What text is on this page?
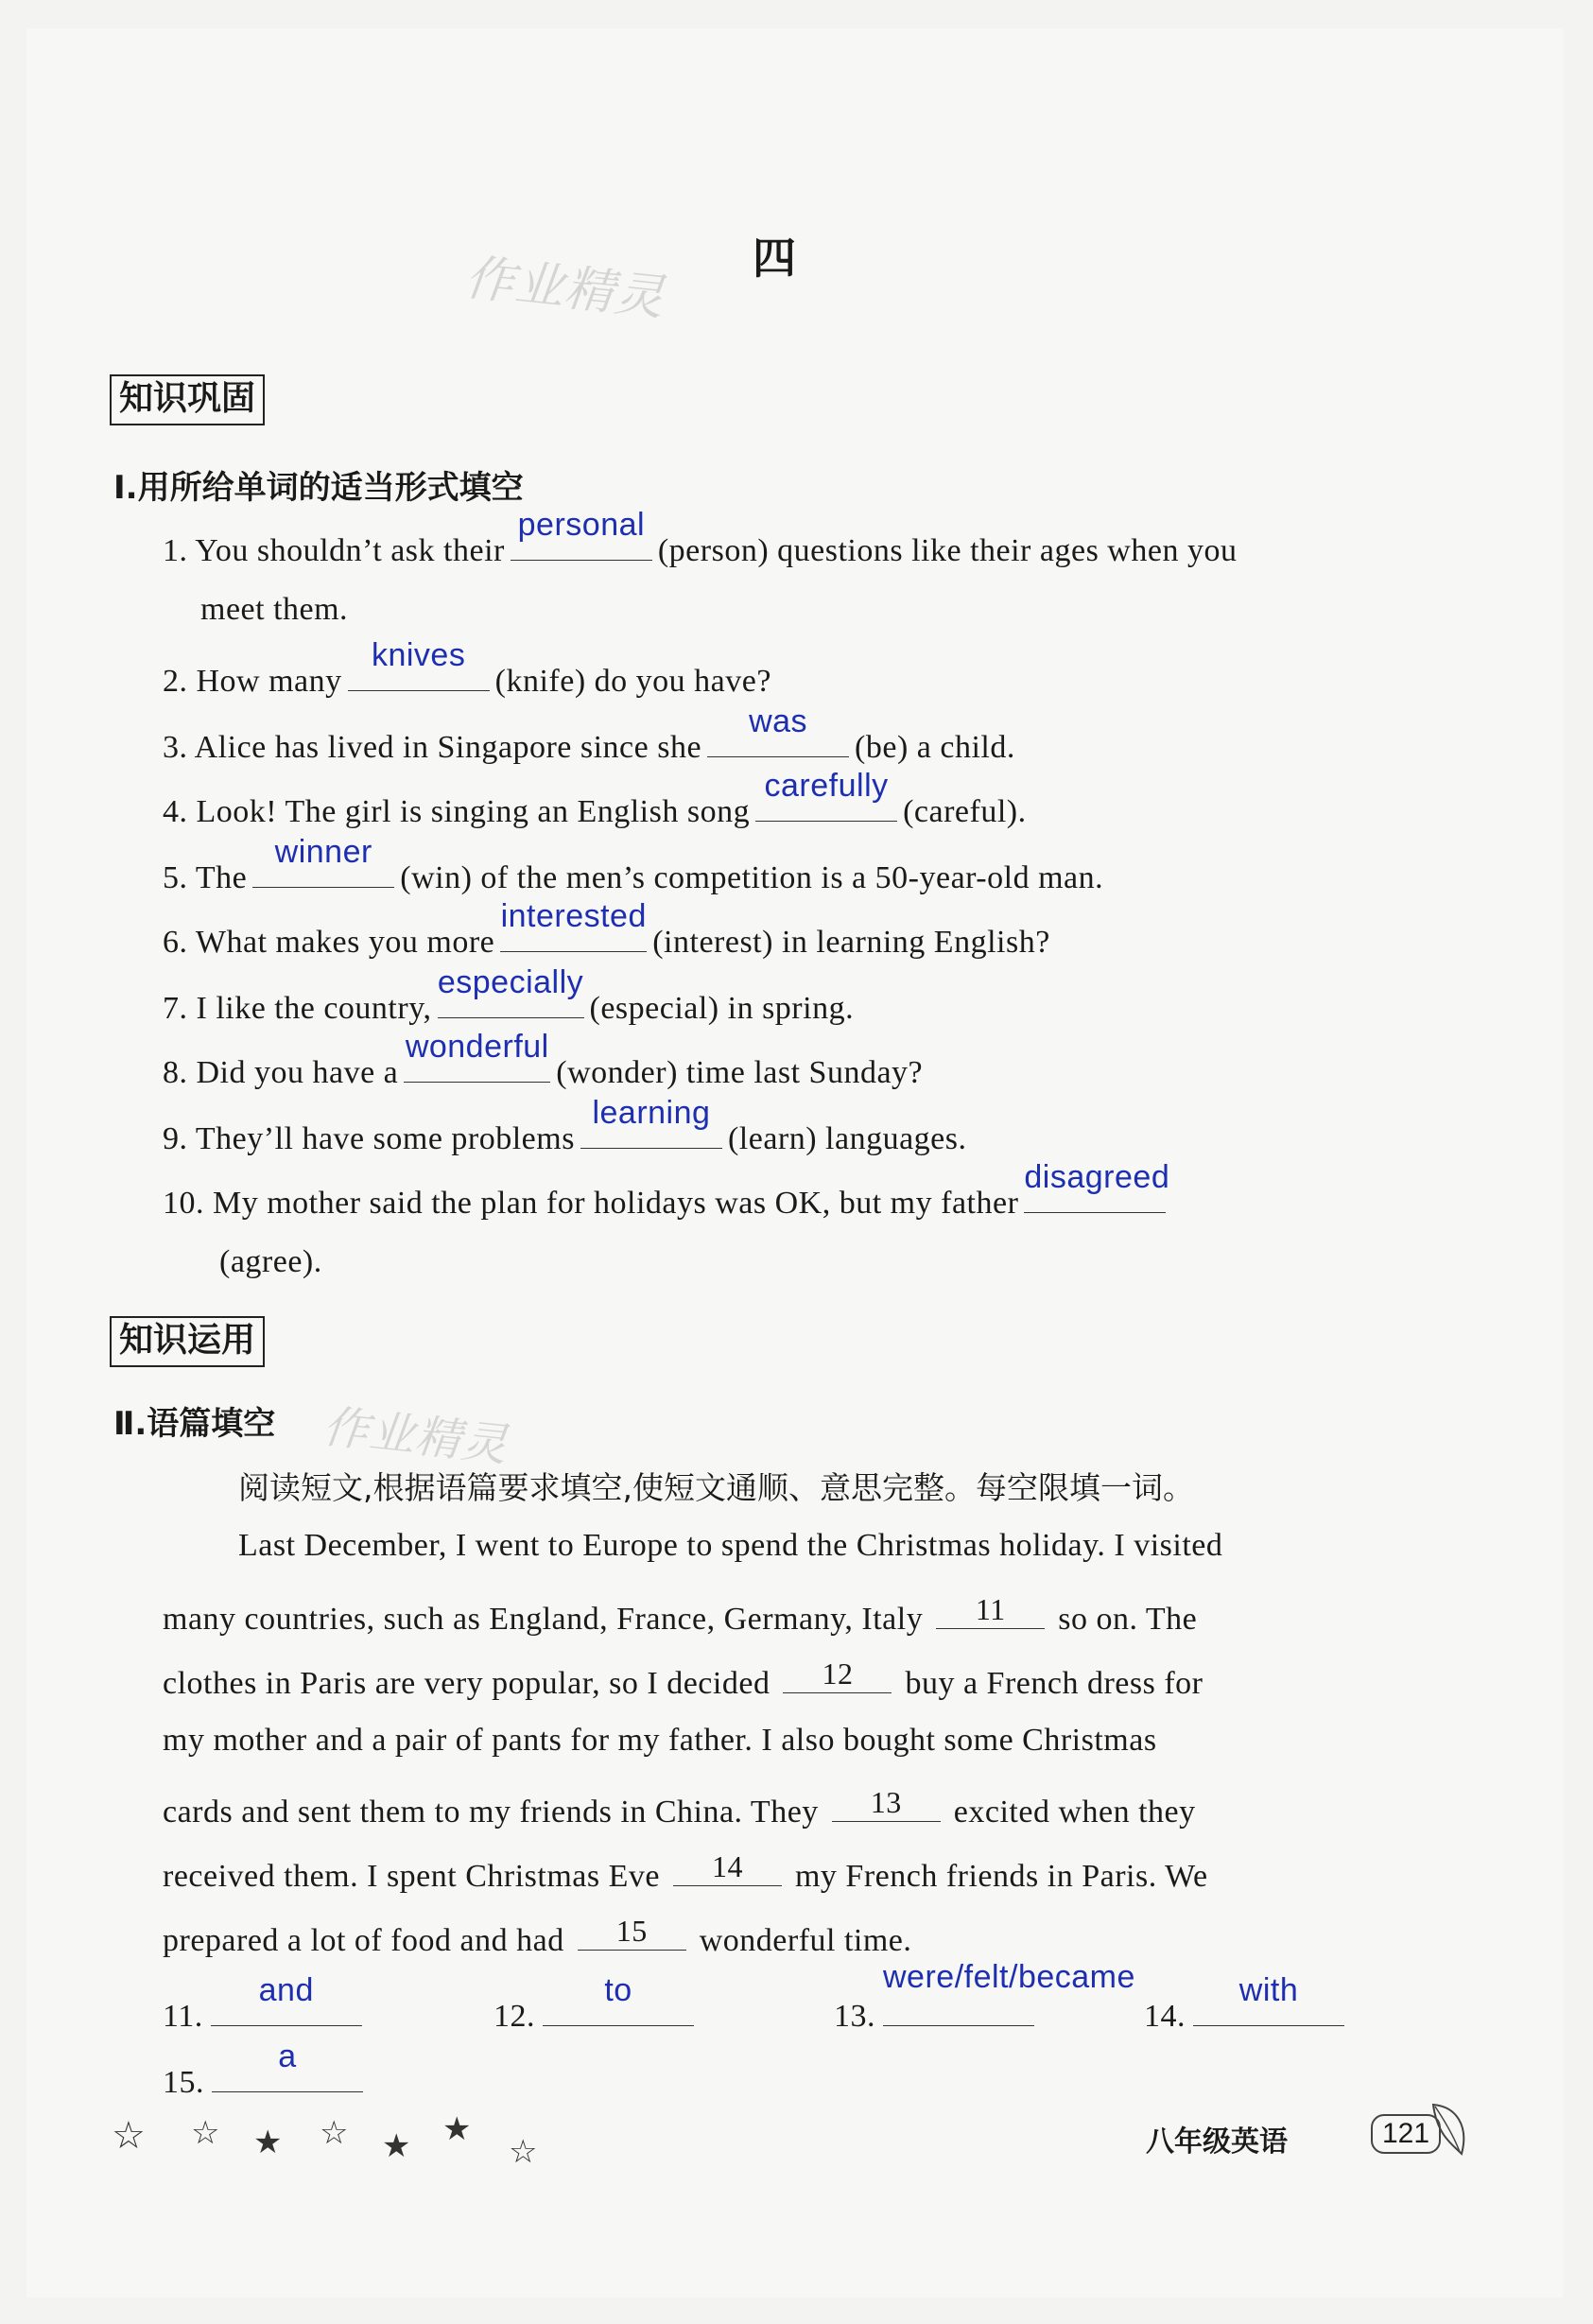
四
作业精灵
知识巩固
Ⅰ.用所给单词的适当形式填空
1. You shouldn’t ask their
personal
(person) questions like their ages when you
meet them.
2. How many
knives
(knife) do you have?
3. Alice has lived in Singapore since she
was
(be) a child.
4. Look! The girl is singing an English song
carefully
(careful).
5. The
winner
(win) of the men’s competition is a 50-year-old man.
6. What makes you more
interested
(interest) in learning English?
7. I like the country,
especially
(especial) in spring.
8. Did you have a
wonderful
(wonder) time last Sunday?
9. They’ll have some problems
learning
(learn) languages.
10. My mother said the plan for holidays was OK, but my father
disagreed
(agree).
知识运用
Ⅱ.语篇填空 作业精灵
阅读短文,根据语篇要求填空,使短文通顺、意思完整。每空限填一词。
Last December, I went to Europe to spend the Christmas holiday. I visited
many countries, such as England, France, Germany, Italy	11	so on. The
clothes in Paris are very popular, so I decided	12	buy a French dress for
my mother and a pair of pants for my father. I also bought some Christmas
cards and sent them to my friends in China. They	13	excited when they
received them. I spent Christmas Eve	14	my French friends in Paris. We
prepared a lot of food and had	15	wonderful time.
11.
and
12.
to
13.
were/felt/became
14.
with
15.
a
☆ ☆ ★ ☆ ★ ★
☆	八年级英语	121
